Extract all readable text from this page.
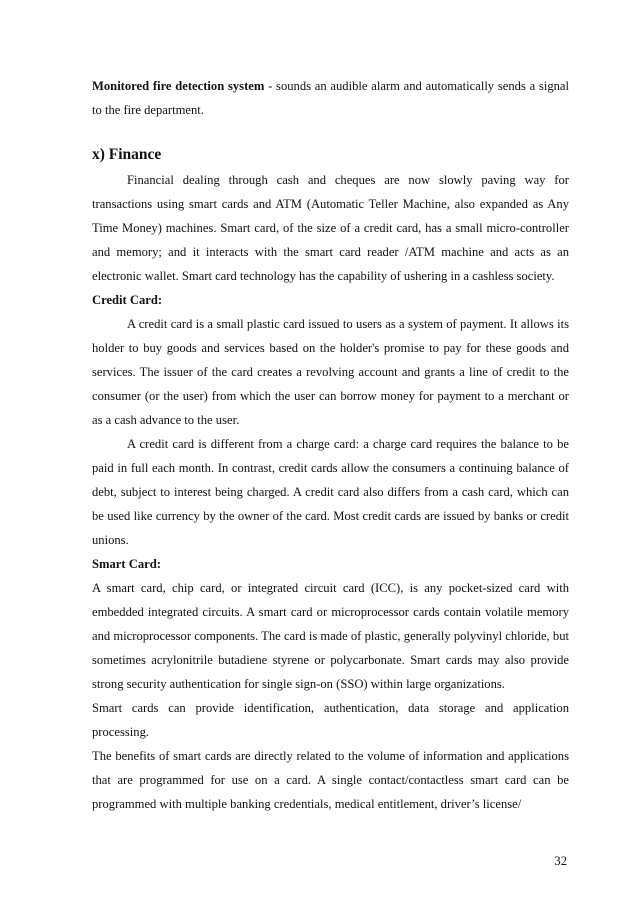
Monitored fire detection system - sounds an audible alarm and automatically sends a signal to the fire department.

x) Finance

Financial dealing through cash and cheques are now slowly paving way for transactions using smart cards and ATM (Automatic Teller Machine, also expanded as Any Time Money) machines. Smart card, of the size of a credit card, has a small micro-controller and memory; and it interacts with the smart card reader /ATM machine and acts as an electronic wallet. Smart card technology has the capability of ushering in a cashless society.

Credit Card:

A credit card is a small plastic card issued to users as a system of payment. It allows its holder to buy goods and services based on the holder's promise to pay for these goods and services. The issuer of the card creates a revolving account and grants a line of credit to the consumer (or the user) from which the user can borrow money for payment to a merchant or as a cash advance to the user.

A credit card is different from a charge card: a charge card requires the balance to be paid in full each month. In contrast, credit cards allow the consumers a continuing balance of debt, subject to interest being charged. A credit card also differs from a cash card, which can be used like currency by the owner of the card. Most credit cards are issued by banks or credit unions.

Smart Card:

A smart card, chip card, or integrated circuit card (ICC), is any pocket-sized card with embedded integrated circuits. A smart card or microprocessor cards contain volatile memory and microprocessor components. The card is made of plastic, generally polyvinyl chloride, but sometimes acrylonitrile butadiene styrene or polycarbonate. Smart cards may also provide strong security authentication for single sign-on (SSO) within large organizations.

Smart cards can provide identification, authentication, data storage and application processing.

The benefits of smart cards are directly related to the volume of information and applications that are programmed for use on a card. A single contact/contactless smart card can be programmed with multiple banking credentials, medical entitlement, driver’s license/

32
